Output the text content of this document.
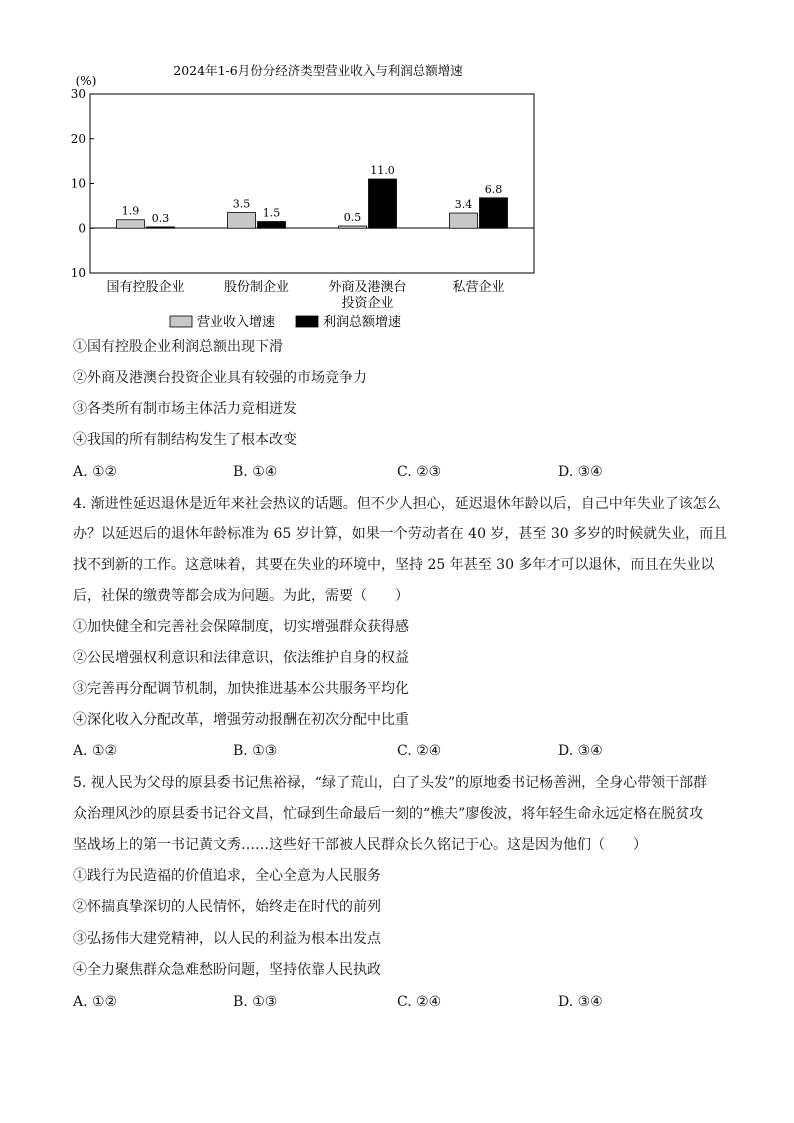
2024年1-6月份分经济类型营业收入与利润总额增速
(%)
30
20
10
0
10
1.9
0.3
3.5
1.5	0.5
11.0
3.4
6.8
国有控股企业	股份制企业	外商及港澳台投资企业
私营企业
营业收入增速	利润总额增速
①国有控股企业利润总额出现下滑
②外商及港澳台投资企业具有较强的市场竞争力
③各类所有制市场主体活力竞相迸发
④我国的所有制结构发生了根本改变
A. ①②	B. ①④	C. ②③	D. ③④
4. 渐进性延迟退休是近年来社会热议的话题。但不少人担心，延迟退休年龄以后，自己中年失业了该怎么
办？以延迟后的退休年龄标准为 65 岁计算，如果一个劳动者在 40 岁，甚至 30 多岁的时候就失业，而且
找不到新的工作。这意味着，其要在失业的环境中，坚持 25 年甚至 30 多年才可以退休，而且在失业以
后，社保的缴费等都会成为问题。为此，需要（　　）
①加快健全和完善社会保障制度，切实增强群众获得感
②公民增强权利意识和法律意识，依法维护自身的权益
③完善再分配调节机制，加快推进基本公共服务平均化
④深化收入分配改革，增强劳动报酬在初次分配中比重
A. ①②	B. ①③	C. ②④	D. ③④
5. 视人民为父母的原县委书记焦裕禄，“绿了荒山，白了头发”的原地委书记杨善洲，全身心带领干部群
众治理风沙的原县委书记谷文昌，忙碌到生命最后一刻的“樵夫”廖俊波，将年轻生命永远定格在脱贫攻
坚战场上的第一书记黄文秀……这些好干部被人民群众长久铭记于心。这是因为他们（　　）
①践行为民造福的价值追求，全心全意为人民服务
②怀揣真挚深切的人民情怀，始终走在时代的前列
③弘扬伟大建党精神，以人民的利益为根本出发点
④全力聚焦群众急难愁盼问题，坚持依靠人民执政
A. ①②	B. ①③	C. ②④	D. ③④
